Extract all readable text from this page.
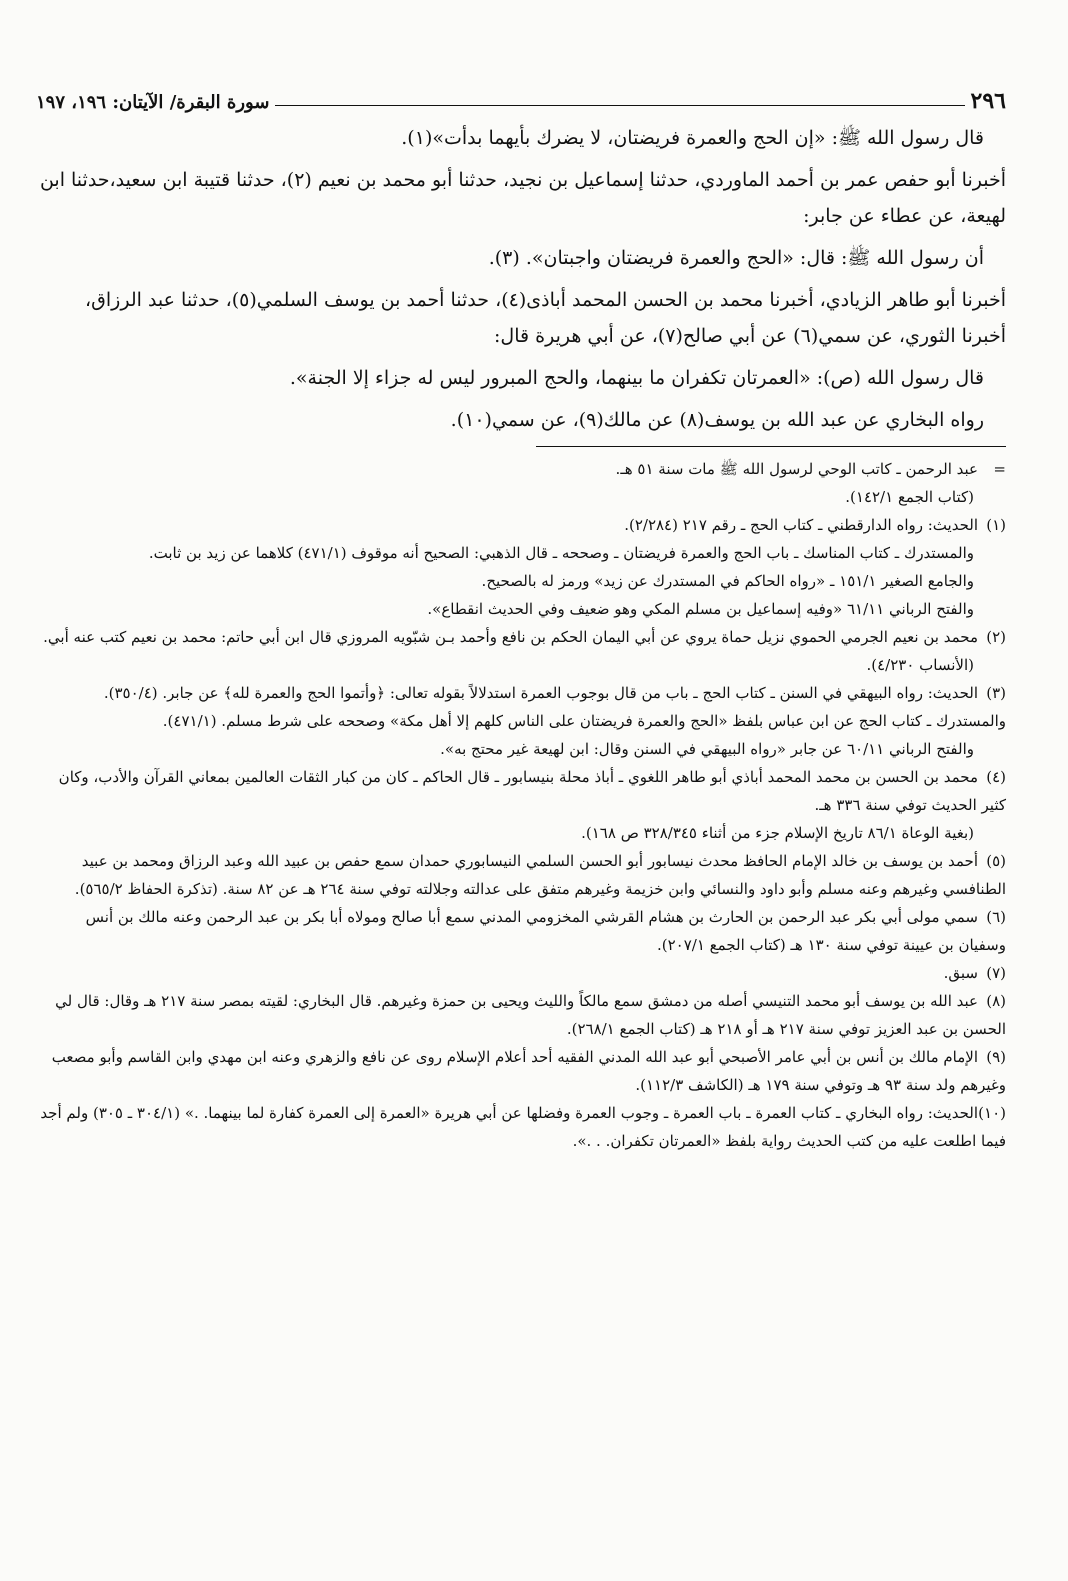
٢٩٦
سورة البقرة/ الآيتان: ١٩٦، ١٩٧

قال رسول الله ﷺ: «إن الحج والعمرة فريضتان، لا يضرك بأيهما بدأت»(١).

أخبرنا أبو حفص عمر بن أحمد الماوردي، حدثنا إسماعيل بن نجيد، حدثنا أبو محمد بن نعيم (٢)، حدثنا قتيبة ابن سعيد،حدثنا ابن لهيعة، عن عطاء عن جابر:

أن رسول الله ﷺ: قال: «الحج والعمرة فريضتان واجبتان». (٣).

أخبرنا أبو طاهر الزيادي، أخبرنا محمد بن الحسن المحمد أباذى(٤)، حدثنا أحمد بن يوسف السلمي(٥)، حدثنا عبد الرزاق، أخبرنا الثوري، عن سمي(٦) عن أبي صالح(٧)، عن أبي هريرة قال:

قال رسول الله (ص): «العمرتان تكفران ما بينهما، والحج المبرور ليس له جزاء إلا الجنة».

رواه البخاري عن عبد الله بن يوسف(٨) عن مالك(٩)، عن سمي(١٠).

=عبد الرحمن ـ كاتب الوحي لرسول الله ﷺ مات سنة ٥١ هـ.

(كتاب الجمع ١٤٢/١).

(١)الحديث: رواه الدارقطني ـ كتاب الحج ـ رقم ٢١٧ (٢/٢٨٤).

والمستدرك ـ كتاب المناسك ـ باب الحج والعمرة فريضتان ـ وصححه ـ قال الذهبي: الصحيح أنه موقوف (٤٧١/١) كلاهما عن زيد بن ثابت.

والجامع الصغير ١٥١/١ ـ «رواه الحاكم في المستدرك عن زيد» ورمز له بالصحيح.

والفتح الرباني ٦١/١١ «وفيه إسماعيل بن مسلم المكي وهو ضعيف وفي الحديث انقطاع».

(٢)محمد بن نعيم الجرمي الحموي نزيل حماة يروي عن أبي اليمان الحكم بن نافع وأحمد بـن شبّويه المروزي قال ابن أبي حاتم: محمد بن نعيم كتب عنه أبي.

(الأنساب ٤/٢٣٠).

(٣)الحديث: رواه البيهقي في السنن ـ كتاب الحج ـ باب من قال بوجوب العمرة استدلالاً بقوله تعالى: ﴿وأتموا الحج والعمرة لله﴾ عن جابر. (٣٥٠/٤). والمستدرك ـ كتاب الحج عن ابن عباس بلفظ «الحج والعمرة فريضتان على الناس كلهم إلا أهل مكة» وصححه على شرط مسلم. (٤٧١/١).

والفتح الرباني ٦٠/١١ عن جابر «رواه البيهقي في السنن وقال: ابن لهيعة غير محتج به».

(٤)محمد بن الحسن بن محمد المحمد أباذي أبو طاهر اللغوي ـ أباذ محلة بنيسابور ـ قال الحاكم ـ كان من كبار الثقات العالمين بمعاني القرآن والأدب، وكان كثير الحديث توفي سنة ٣٣٦ هـ.

(بغية الوعاة ٨٦/١ تاريخ الإسلام جزء من أثناء ٣٢٨/٣٤٥ ص ١٦٨).

(٥)أحمد بن يوسف بن خالد الإمام الحافظ محدث نيسابور أبو الحسن السلمي النيسابوري حمدان سمع حفص بن عبيد الله وعبد الرزاق ومحمد بن عبيد الطنافسي وغيرهم وعنه مسلم وأبو داود والنسائي وابن خزيمة وغيرهم متفق على عدالته وجلالته توفي سنة ٢٦٤ هـ عن ٨٢ سنة. (تذكرة الحفاظ ٥٦٥/٢).

(٦)سمي مولى أبي بكر عبد الرحمن بن الحارث بن هشام القرشي المخزومي المدني سمع أبا صالح ومولاه أبا بكر بن عبد الرحمن وعنه مالك بن أنس وسفيان بن عيينة توفي سنة ١٣٠ هـ (كتاب الجمع ٢٠٧/١).

(٧)سبق.

(٨)عبد الله بن يوسف أبو محمد التنيسي أصله من دمشق سمع مالكاً والليث ويحيى بن حمزة وغيرهم. قال البخاري: لقيته بمصر سنة ٢١٧ هـ وقال: قال لي الحسن بن عبد العزيز توفي سنة ٢١٧ هـ أو ٢١٨ هـ (كتاب الجمع ٢٦٨/١).

(٩)الإمام مالك بن أنس بن أبي عامر الأصبحي أبو عبد الله المدني الفقيه أحد أعلام الإسلام روى عن نافع والزهري وعنه ابن مهدي وابن القاسم وأبو مصعب وغيرهم ولد سنة ٩٣ هـ وتوفي سنة ١٧٩ هـ (الكاشف ١١٢/٣).

(١٠)الحديث: رواه البخاري ـ كتاب العمرة ـ باب العمرة ـ وجوب العمرة وفضلها عن أبي هريرة «العمرة إلى العمرة كفارة لما بينهما. .» (٣٠٤/١ ـ ٣٠٥) ولم أجد فيما اطلعت عليه من كتب الحديث رواية بلفظ «العمرتان تكفران. . .».
